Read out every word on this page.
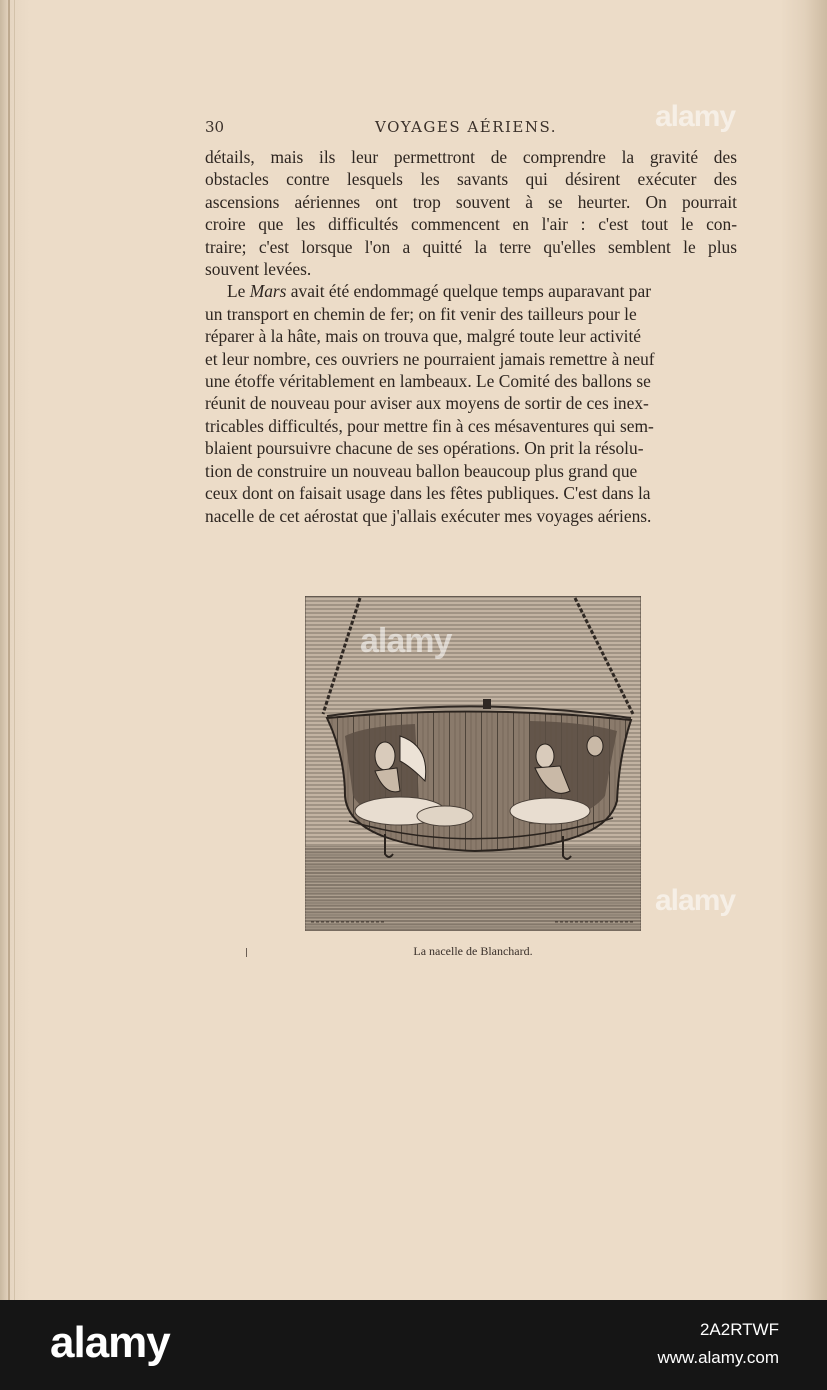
30	VOYAGES AÉRIENS.

détails, mais ils leur permettront de comprendre la gravité des
obstacles contre lesquels les savants qui désirent exécuter des
ascensions aériennes ont trop souvent à se heurter. On pourrait
croire que les difficultés commencent en l'air : c'est tout le con-
traire; c'est lorsque l'on a quitté la terre qu'elles semblent le plus
souvent levées.

Le Mars avait été endommagé quelque temps auparavant par
un transport en chemin de fer; on fit venir des tailleurs pour le
réparer à la hâte, mais on trouva que, malgré toute leur activité
et leur nombre, ces ouvriers ne pourraient jamais remettre à neuf
une étoffe véritablement en lambeaux. Le Comité des ballons se
réunit de nouveau pour aviser aux moyens de sortir de ces inex-
tricables difficultés, pour mettre fin à ces mésaventures qui sem-
blaient poursuivre chacune de ses opérations. On prit la résolu-
tion de construire un nouveau ballon beaucoup plus grand que
ceux dont on faisait usage dans les fêtes publiques. C'est dans la
nacelle de cet aérostat que j'allais exécuter mes voyages aériens.

La nacelle de Blanchard.
alamy
alamy
alamy
alamy	2A2RTWF
www.alamy.com
